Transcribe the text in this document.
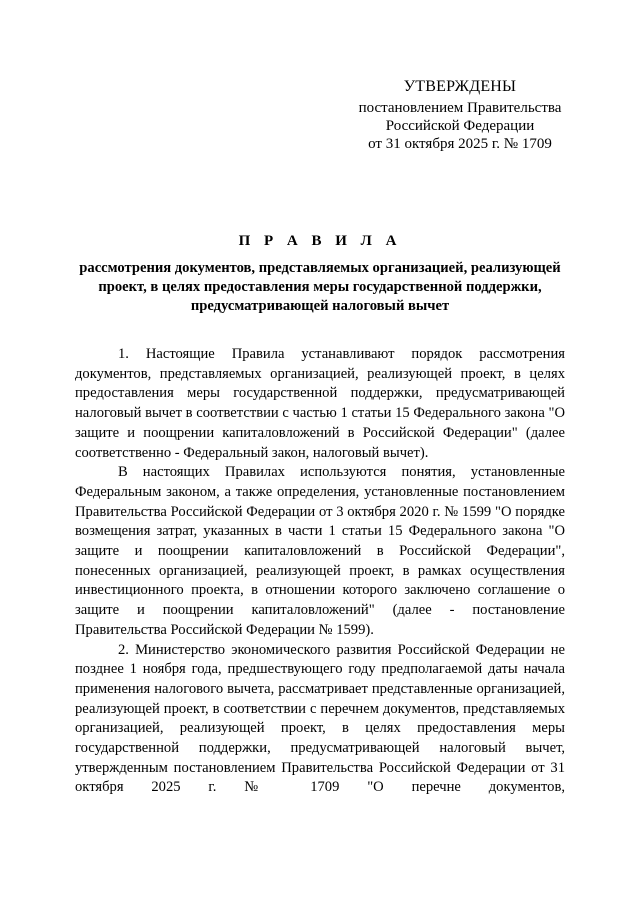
УТВЕРЖДЕНЫ
постановлением Правительства
Российской Федерации
от 31 октября 2025 г. № 1709
П Р А В И Л А
рассмотрения документов, представляемых организацией, реализующей проект, в целях предоставления меры государственной поддержки, предусматривающей налоговый вычет

1. Настоящие Правила устанавливают порядок рассмотрения документов, представляемых организацией, реализующей проект, в целях предоставления меры государственной поддержки, предусматривающей налоговый вычет в соответствии с частью 1 статьи 15 Федерального закона "О защите и поощрении капиталовложений в Российской Федерации" (далее соответственно - Федеральный закон, налоговый вычет).

В настоящих Правилах используются понятия, установленные Федеральным законом, а также определения, установленные постановлением Правительства Российской Федерации от 3 октября 2020 г. № 1599 "О порядке возмещения затрат, указанных в части 1 статьи 15 Федерального закона "О защите и поощрении капиталовложений в Российской Федерации", понесенных организацией, реализующей проект, в рамках осуществления инвестиционного проекта, в отношении которого заключено соглашение о защите и поощрении капиталовложений" (далее - постановление Правительства Российской Федерации № 1599).

2. Министерство экономического развития Российской Федерации не позднее 1 ноября года, предшествующего году предполагаемой даты начала применения налогового вычета, рассматривает представленные организацией, реализующей проект, в соответствии с перечнем документов, представляемых организацией, реализующей проект, в целях предоставления меры государственной поддержки, предусматривающей налоговый вычет, утвержденным постановлением Правительства Российской Федерации от 31 октября 2025 г. № 1709 "О перечне документов,
